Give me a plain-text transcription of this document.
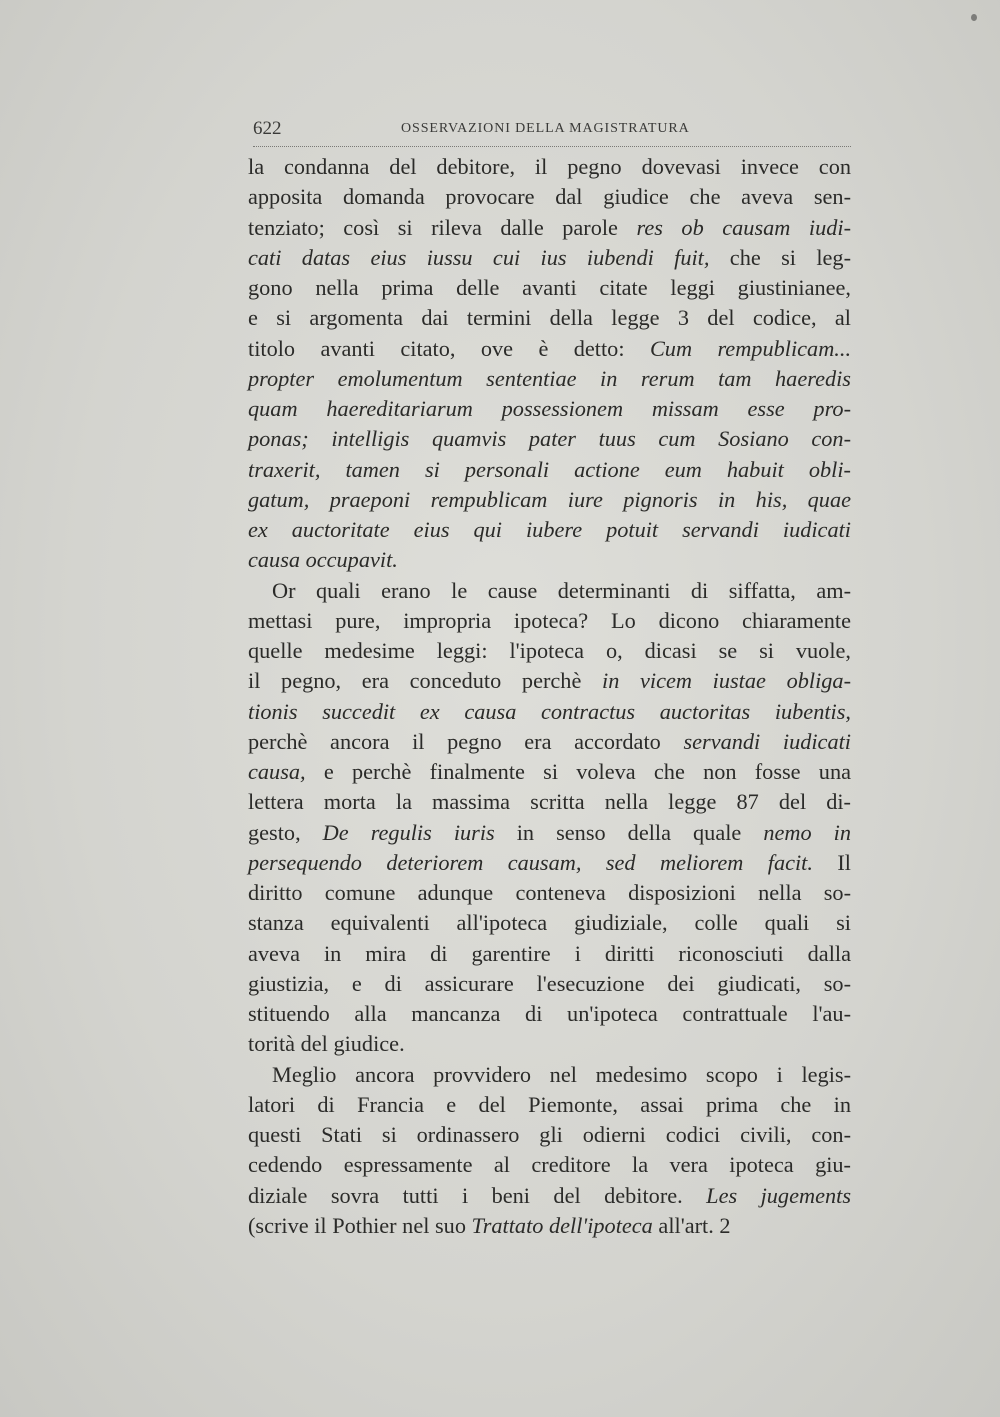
622	OSSERVAZIONI DELLA MAGISTRATURA
la condanna del debitore, il pegno dovevasi invece con
apposita domanda provocare dal giudice che aveva sen-
tenziato; così si rileva dalle parole res ob causam iudi-
cati datas eius iussu cui ius iubendi fuit, che si leg-
gono nella prima delle avanti citate leggi giustinianee,
e si argomenta dai termini della legge 3 del codice, al
titolo avanti citato, ove è detto: Cum rempublicam...
propter emolumentum sententiae in rerum tam haeredis
quam haereditariarum possessionem missam esse pro-
ponas; intelligis quamvis pater tuus cum Sosiano con-
traxerit, tamen si personali actione eum habuit obli-
gatum, praeponi rempublicam iure pignoris in his, quae
ex auctoritate eius qui iubere potuit servandi iudicati
causa occupavit.
Or quali erano le cause determinanti di siffatta, am-
mettasi pure, impropria ipoteca? Lo dicono chiaramente
quelle medesime leggi: l'ipoteca o, dicasi se si vuole,
il pegno, era conceduto perchè in vicem iustae obliga-
tionis succedit ex causa contractus auctoritas iubentis,
perchè ancora il pegno era accordato servandi iudicati
causa, e perchè finalmente si voleva che non fosse una
lettera morta la massima scritta nella legge 87 del di-
gesto, De regulis iuris in senso della quale nemo in
persequendo deteriorem causam, sed meliorem facit. Il
diritto comune adunque conteneva disposizioni nella so-
stanza equivalenti all'ipoteca giudiziale, colle quali si
aveva in mira di garentire i diritti riconosciuti dalla
giustizia, e di assicurare l'esecuzione dei giudicati, so-
stituendo alla mancanza di un'ipoteca contrattuale l'au-
torità del giudice.
Meglio ancora provvidero nel medesimo scopo i legis-
latori di Francia e del Piemonte, assai prima che in
questi Stati si ordinassero gli odierni codici civili, con-
cedendo espressamente al creditore la vera ipoteca giu-
diziale sovra tutti i beni del debitore. Les jugements
(scrive il Pothier nel suo Trattato dell'ipoteca all'art. 2
